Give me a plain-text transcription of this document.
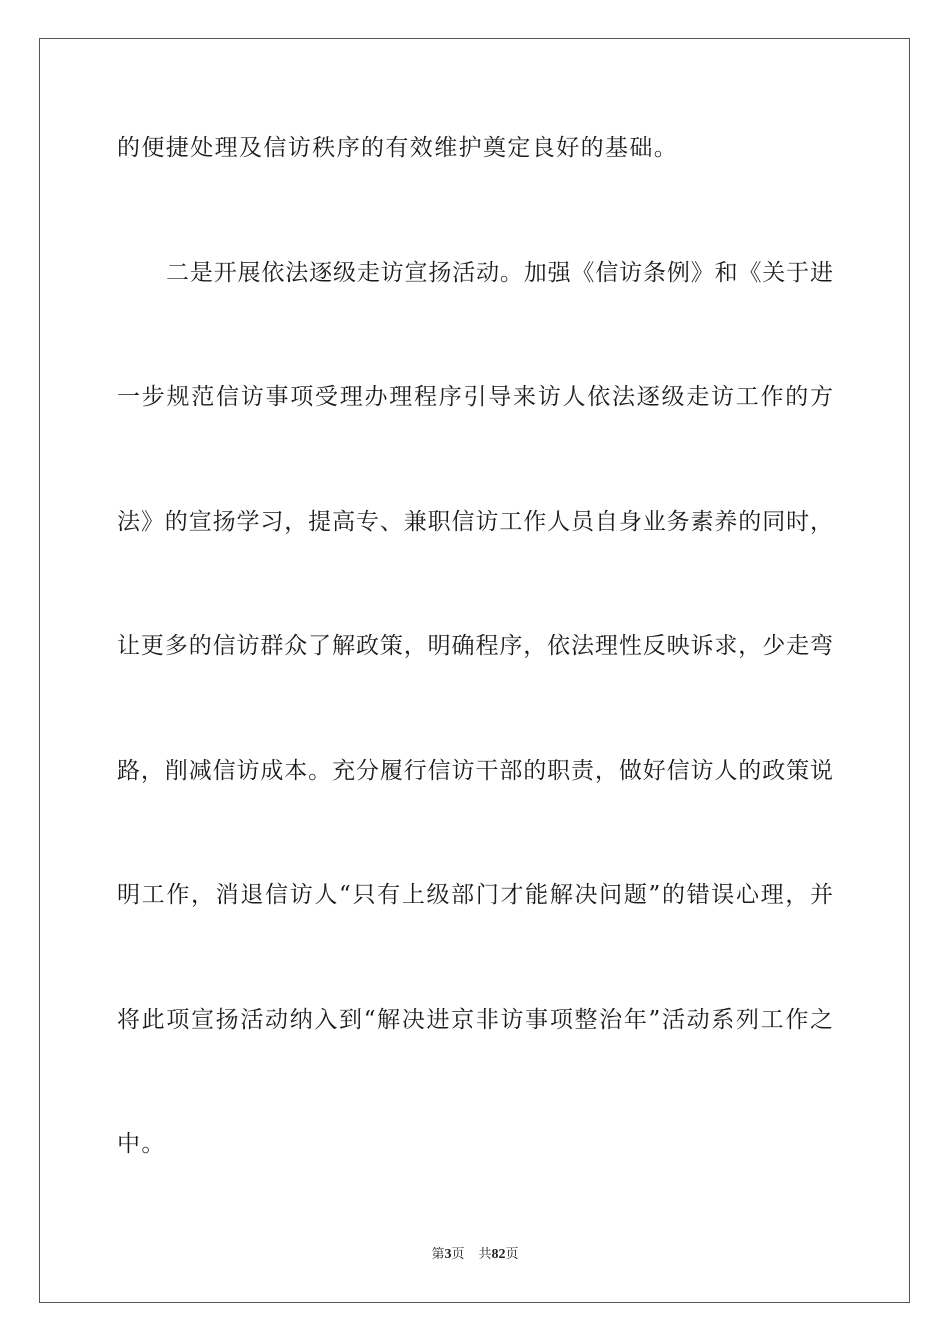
的便捷处理及信访秩序的有效维护奠定良好的基础。
二是开展依法逐级走访宣扬活动。加强《信访条例》和《关于进
一步规范信访事项受理办理程序引导来访人依法逐级走访工作的方
法》的宣扬学习，提高专、兼职信访工作人员自身业务素养的同时，
让更多的信访群众了解政策，明确程序，依法理性反映诉求，少走弯
路，削减信访成本。充分履行信访干部的职责，做好信访人的政策说
明工作，消退信访人“只有上级部门才能解决问题”的错误心理，并
将此项宣扬活动纳入到“解决进京非访事项整治年”活动系列工作之
中。
第3页 共82页
